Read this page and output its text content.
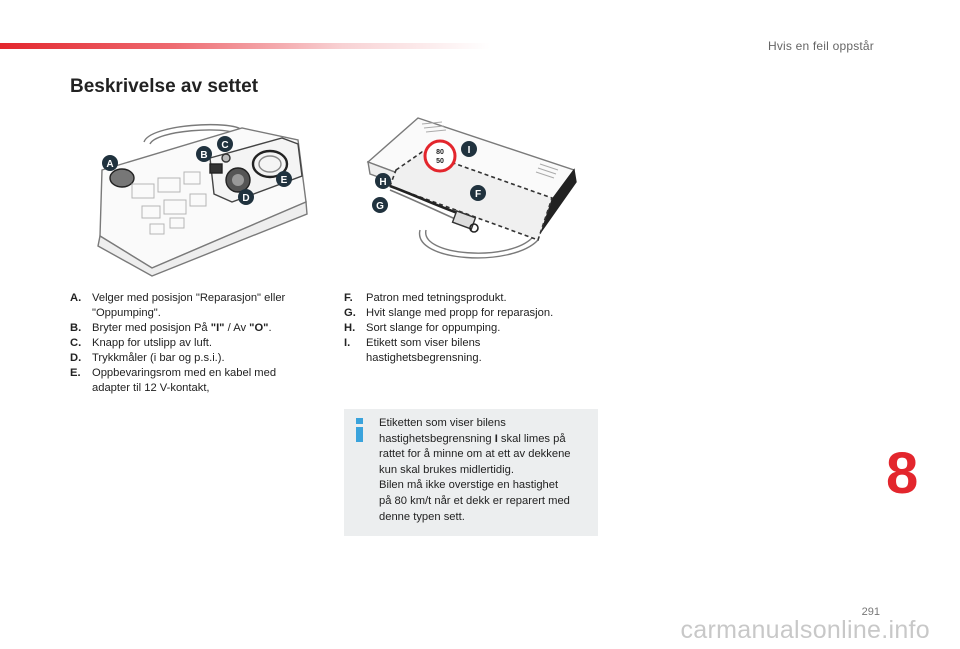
Hvis en feil oppstår
Beskrivelse av settet
A
B
C
D
E
80
50
I
H
F
G
A. Velger med posisjon "Reparasjon" eller
"Oppumping".
B. Bryter med posisjon På "I" / Av "O".
C. Knapp for utslipp av luft.
D. Trykkmåler (i bar og p.s.i.).
E.	Oppbevaringsrom med en kabel med
adapter til 12 V-kontakt,
F.	Patron med tetningsprodukt.
G. Hvit slange med propp for reparasjon.
H. Sort slange for oppumping.
I.	Etikett som viser bilens
hastighetsbegrensning.
Etiketten som viser bilens
hastighetsbegrensning I skal limes på
rattet for å minne om at ett av dekkene
kun skal brukes midlertidig.
Bilen må ikke overstige en hastighet
på 80 km/t når et dekk er reparert med
denne typen sett.
8
291
carmanualsonline.info
